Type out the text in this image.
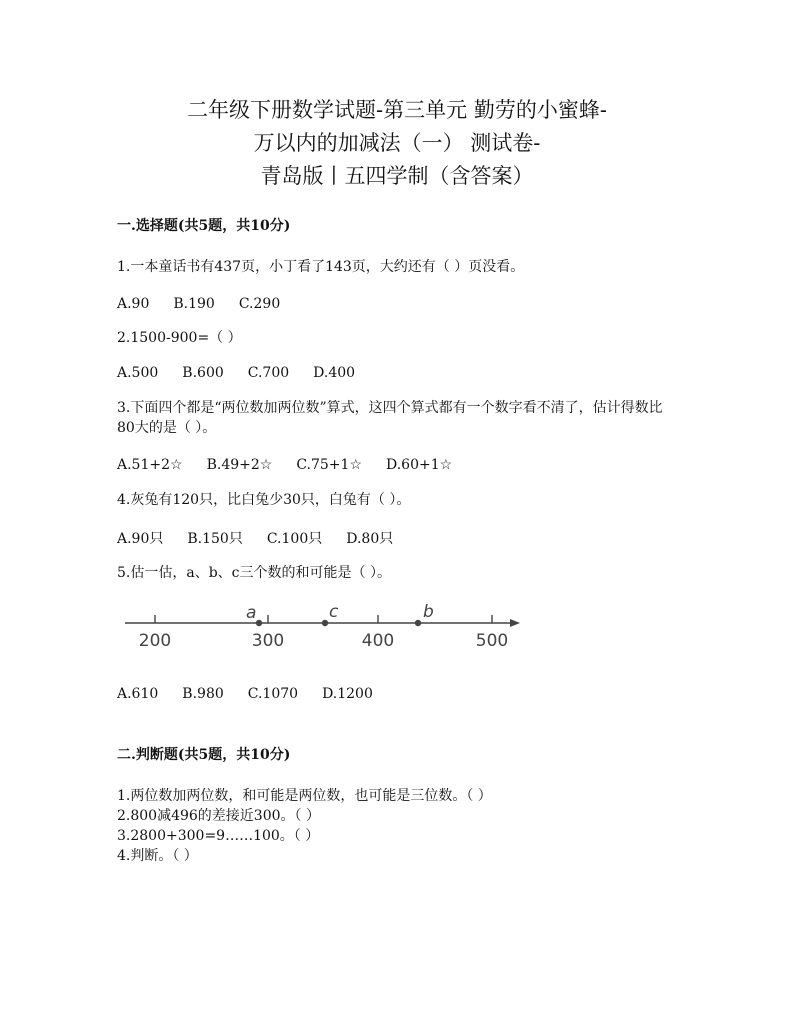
二年级下册数学试题-第三单元 勤劳的小蜜蜂-
万以内的加减法（一） 测试卷-
青岛版丨五四学制（含答案）
一.选择题(共5题，共10分)
1.一本童话书有437页，小丁看了143页，大约还有（ ）页没看。
A.90 B.190 C.290
2.1500-900=（ ）
A.500 B.600 C.700 D.400
3.下面四个都是“两位数加两位数”算式，这四个算式都有一个数字看不清了，估计得数比80大的是（ ）。
A.51+2☆ B.49+2☆ C.75+1☆ D.60+1☆
4.灰兔有120只，比白兔少30只，白兔有（ ）。
A.90只 B.150只 C.100只 D.80只
5.估一估，a、b、c三个数的和可能是（ ）。
a	c	b
200	300	400	500
A.610 B.980 C.1070 D.1200
二.判断题(共5题，共10分)
1.两位数加两位数，和可能是两位数，也可能是三位数。（ ）
2.800减496的差接近300。（ ）
3.2800+300=9……100。（ ）
4.判断。（ ）
